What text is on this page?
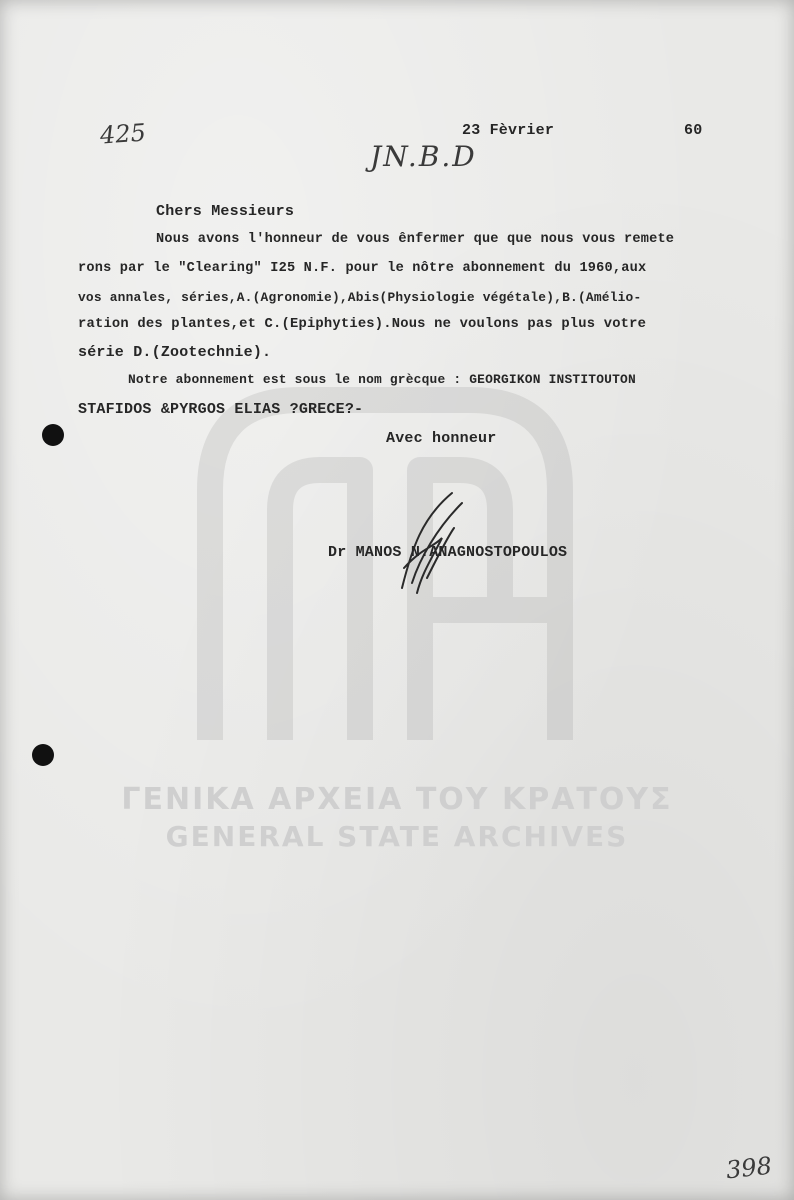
ΓΕΝΙΚΑ ΑΡΧΕΙΑ ΤΟΥ ΚΡΑΤΟΥΣ
GENERAL STATE ARCHIVES
425
JN.B.D
398
23 Fèvrier	60
Chers Messieurs
Nous avons l'honneur de vous ênfermer que que nous vous remete
rons par le "Clearing" I25 N.F. pour le nôtre abonnement du 1960,aux
vos annales, séries,A.(Agronomie),Abis(Physiologie végétale),B.(Amélio-
ration des plantes,et C.(Epiphyties).Nous ne voulons pas plus votre
série D.(Zootechnie).
Notre abonnement est sous le nom grècque : GEORGIKON INSTITOUTON
STAFIDOS &PYRGOS ELIAS ?GRECE?-
Avec honneur
Dr MANOS N.ANAGNOSTOPOULOS
